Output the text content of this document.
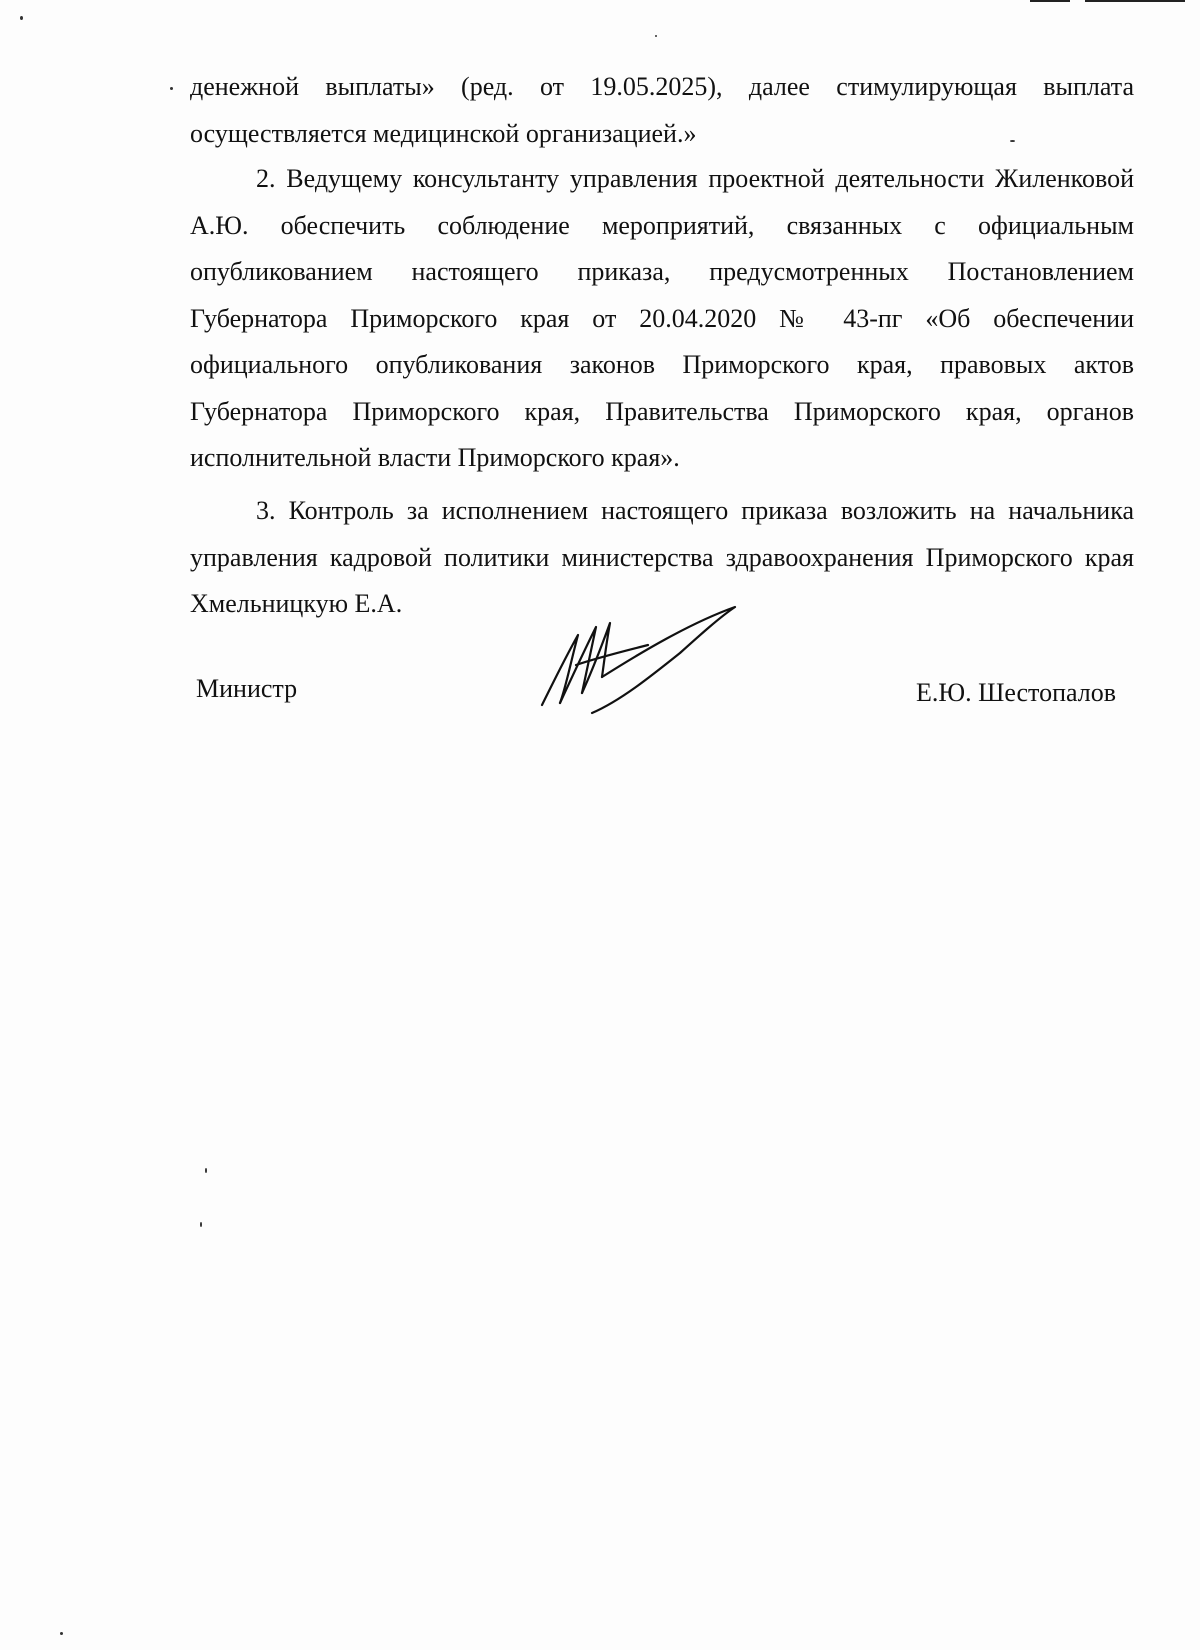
денежной выплаты» (ред. от 19.05.2025), далее стимулирующая выплата осуществляется медицинской организацией.»

2. Ведущему консультанту управления проектной деятельности Жиленковой А.Ю. обеспечить соблюдение мероприятий, связанных с официальным опубликованием настоящего приказа, предусмотренных Постановлением Губернатора Приморского края от 20.04.2020 № 43-пг «Об обеспечении официального опубликования законов Приморского края, правовых актов Губернатора Приморского края, Правительства Приморского края, органов исполнительной власти Приморского края».

3. Контроль за исполнением настоящего приказа возложить на начальника управления кадровой политики министерства здравоохранения Приморского края Хмельницкую Е.А.

Министр	Е.Ю. Шестопалов
